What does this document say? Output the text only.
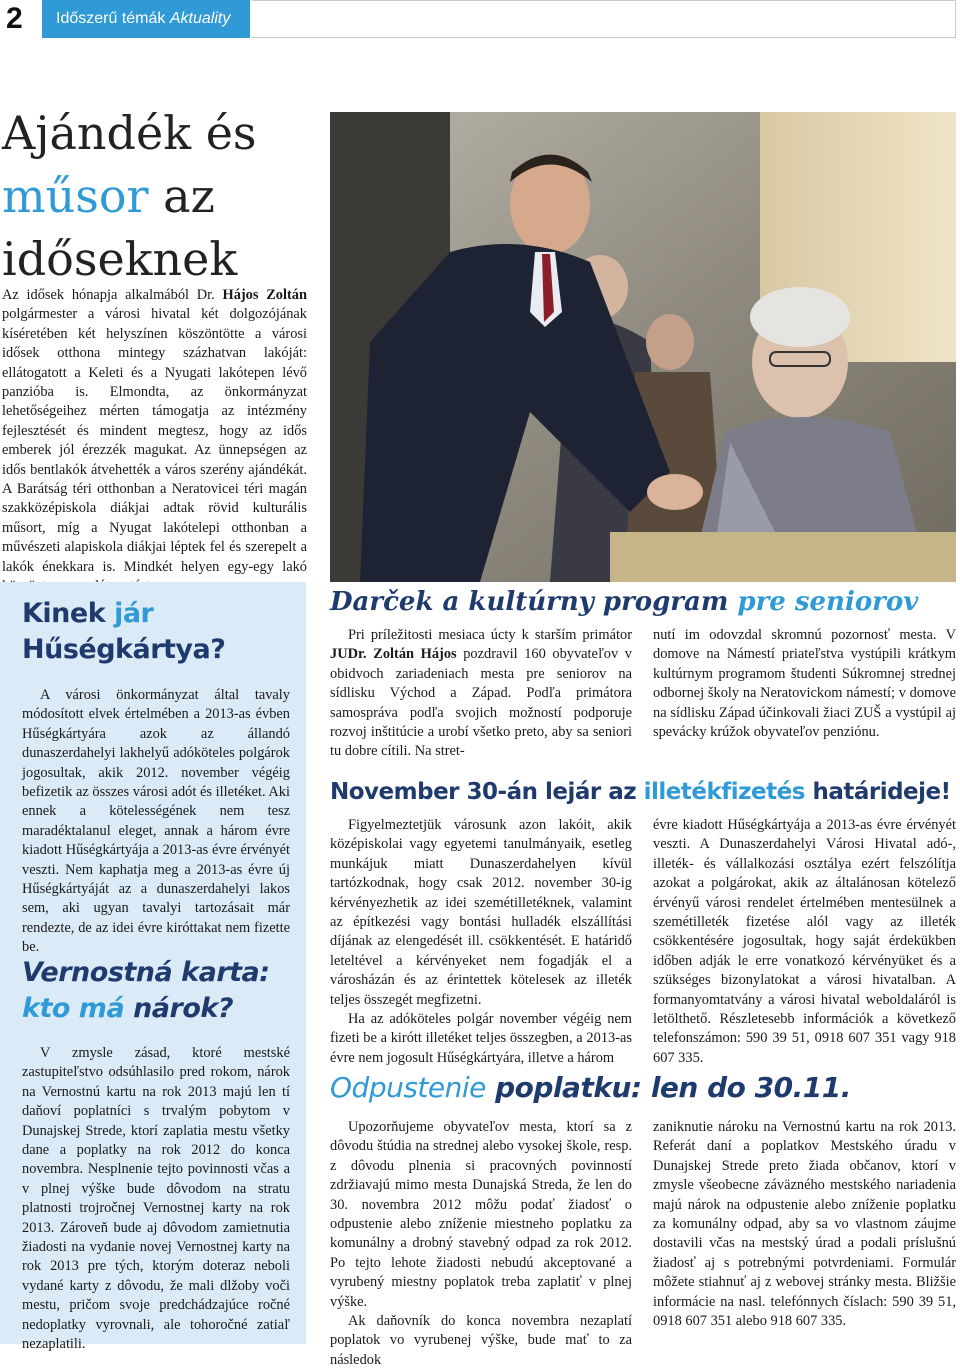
2	Időszerű témák Aktuality
Ajándék és
műsor az
időseknek
Az idősek hónapja alkalmából Dr. Hájos Zoltán polgármester a városi hivatal két dolgozójának kíséretében két helyszínen köszöntötte a városi idősek otthona mintegy százhatvan lakóját: ellátogatott a Keleti és a Nyugati lakótepen lévő panzióba is. Elmondta, az önkormányzat lehetőségeihez mérten támogatja az intézmény fejlesztését és mindent megtesz, hogy az idős emberek jól érezzék magukat. Az ünnepségen az idős bentlakók átvehették a város szerény ajándékát. A Barátság téri otthonban a Neratovicei téri magán szakközépiskola diákjai adtak rövid kulturális műsort, míg a Nyugat lakótelepi otthonban a művészeti alapiskola diákjai léptek fel és szerepelt a lakók énekkara is. Mindkét helyen egy-egy lakó
Kinek jár
Hűségkártya?
A városi önkormányzat által tavaly módosított elvek értelmében a 2013-as évben Hűségkártyára azok az állandó dunaszerdahelyi lakhelyű adóköteles polgárok jogosultak, akik 2012. november végéig befizetik az összes városi adót és illetéket. Aki ennek a kötelességének nem tesz maradéktalanul eleget, annak a három évre kiadott Hűségkártyája a 2013-as évre érvényét veszti. Nem kaphatja meg a 2013-as évre új Hűségkártyáját az a dunaszerdahelyi lakos sem, aki ugyan tavalyi tartozásait már rendezte, de az idei évre kiróttakat nem fizette be.
Vernostná karta:
kto má nárok?
V zmysle zásad, ktoré mestské zastupiteľstvo odsúhlasilo pred rokom, nárok na Vernostnú kartu na rok 2013 majú len tí daňoví poplatníci s trvalým pobytom v Dunajskej Strede, ktorí zaplatia mestu všetky dane a poplatky na rok 2012 do konca novembra. Nesplnenie tejto povinnosti včas a v plnej výške bude dôvodom na stratu platnosti trojročnej Vernostnej karty na rok 2013. Zároveň bude aj dôvodom zamietnutia žiadosti na vydanie novej Vernostnej karty na rok 2013 pre tých, ktorým doteraz neboli vydané karty z dôvodu, že mali dlžoby voči mestu, pričom svoje predchádzajúce ročné nedoplatky vyrovnali, ale tohoročné zatiaľ nezaplatili.
Darček a kultúrny program pre seniorov
Pri príležitosti mesiaca úcty k starším primátor JUDr. Zoltán Hájos pozdravil 160 obyvateľov v obidvoch zariadeniach mesta pre seniorov na sídlisku Východ a Západ. Podľa primátora samospráva podľa svojich možností podporuje rozvoj inštitúcie a urobí všetko preto, aby sa seniori tu dobre cítili. Na stret-
nutí im odovzdal skromnú pozornosť mesta. V domove na Námestí priateľstva vystúpili krátkym kultúrnym programom študenti Súkromnej strednej odbornej školy na Neratovickom námestí; v domove na sídlisku Západ účinkovali žiaci ZUŠ a vystúpil aj spevácky krúžok obyvateľov penziónu.
November 30-án lejár az illetékfizetés határideje!

Figyelmeztetjük városunk azon lakóit, akik középiskolai vagy egyetemi tanulmányaik, esetleg munkájuk miatt Dunaszerdahelyen kívül tartózkodnak, hogy csak 2012. november 30-ig kérvényezhetik az idei szemétilletéknek, valamint az építkezési vagy bontási hulladék elszállítási díjának az elengedését ill. csökkentését. E határidő leteltével a kérvényeket nem fogadják el a városházán és az érintettek kötelesek az illeték teljes összegét megfizetni.

Ha az adóköteles polgár november végéig nem fizeti be a kirótt illetéket teljes összegben, a 2013-as évre nem jogosult Hűségkártyára, illetve a három

évre kiadott Hűségkártyája a 2013-as évre érvényét veszti. A Dunaszerdahelyi Városi Hivatal adó-, illeték- és vállalkozási osztálya ezért felszólítja azokat a polgárokat, akik az általánosan kötelező érvényű városi rendelet értelmében mentesülnek a szemétilleték fizetése alól vagy az illeték csökkentésére jogosultak, hogy saját érdekükben időben adják le erre vonatkozó kérvényüket és a szükséges bizonylatokat a városi hivatalban. A formanyomtatvány a városi hivatal weboldaláról is letölthető. Részletesebb információk a következő telefonszámon: 590 39 51, 0918 607 351 vagy 918 607 335.
Odpustenie poplatku: len do 30.11.

Upozorňujeme obyvateľov mesta, ktorí sa z dôvodu štúdia na strednej alebo vysokej škole, resp. z dôvodu plnenia si pracovných povinností zdržiavajú mimo mesta Dunajská Streda, že len do 30. novembra 2012 môžu podať žiadosť o odpustenie alebo zníženie miestneho poplatku za komunálny a drobný stavebný odpad za rok 2012. Po tejto lehote žiadosti nebudú akceptované a vyrubený miestny poplatok treba zaplatiť v plnej výške.

Ak daňovník do konca novembra nezaplatí poplatok vo vyrubenej výške, bude mať to za následok

zaniknutie nároku na Vernostnú kartu na rok 2013. Referát daní a poplatkov Mestského úradu v Dunajskej Strede preto žiada občanov, ktorí v zmysle všeobecne záväzného mestského nariadenia majú nárok na odpustenie alebo zníženie poplatku za komunálny odpad, aby sa vo vlastnom záujme dostavili včas na mestský úrad a podali príslušnú žiadosť aj s potrebnými potvrdeniami. Formulár môžete stiahnuť aj z webovej stránky mesta. Bližšie informácie na nasl. telefónnych číslach: 590 39 51, 0918 607 351 alebo 918 607 335.
